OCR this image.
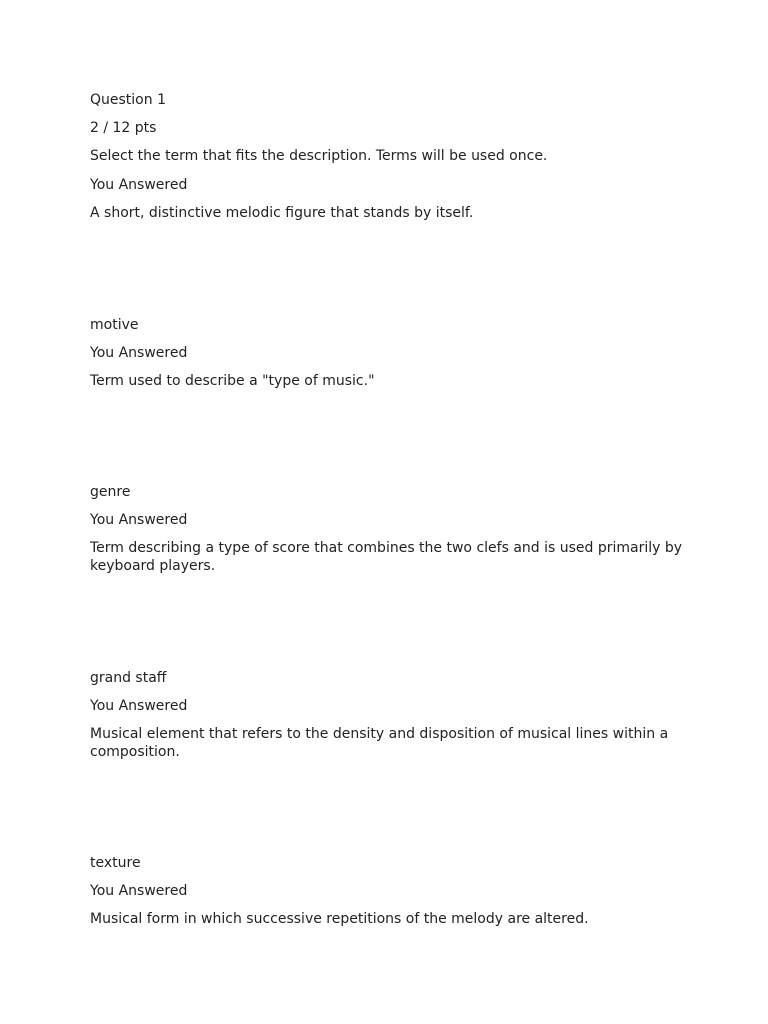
Question 1

2 / 12 pts

Select the term that fits the description. Terms will be used once.

You Answered

A short, distinctive melodic figure that stands by itself.

motive

You Answered

Term used to describe a "type of music."

genre

You Answered

Term describing a type of score that combines the two clefs and is used primarily by keyboard players.

grand staff

You Answered

Musical element that refers to the density and disposition of musical lines within a composition.

texture

You Answered

Musical form in which successive repetitions of the melody are altered.
